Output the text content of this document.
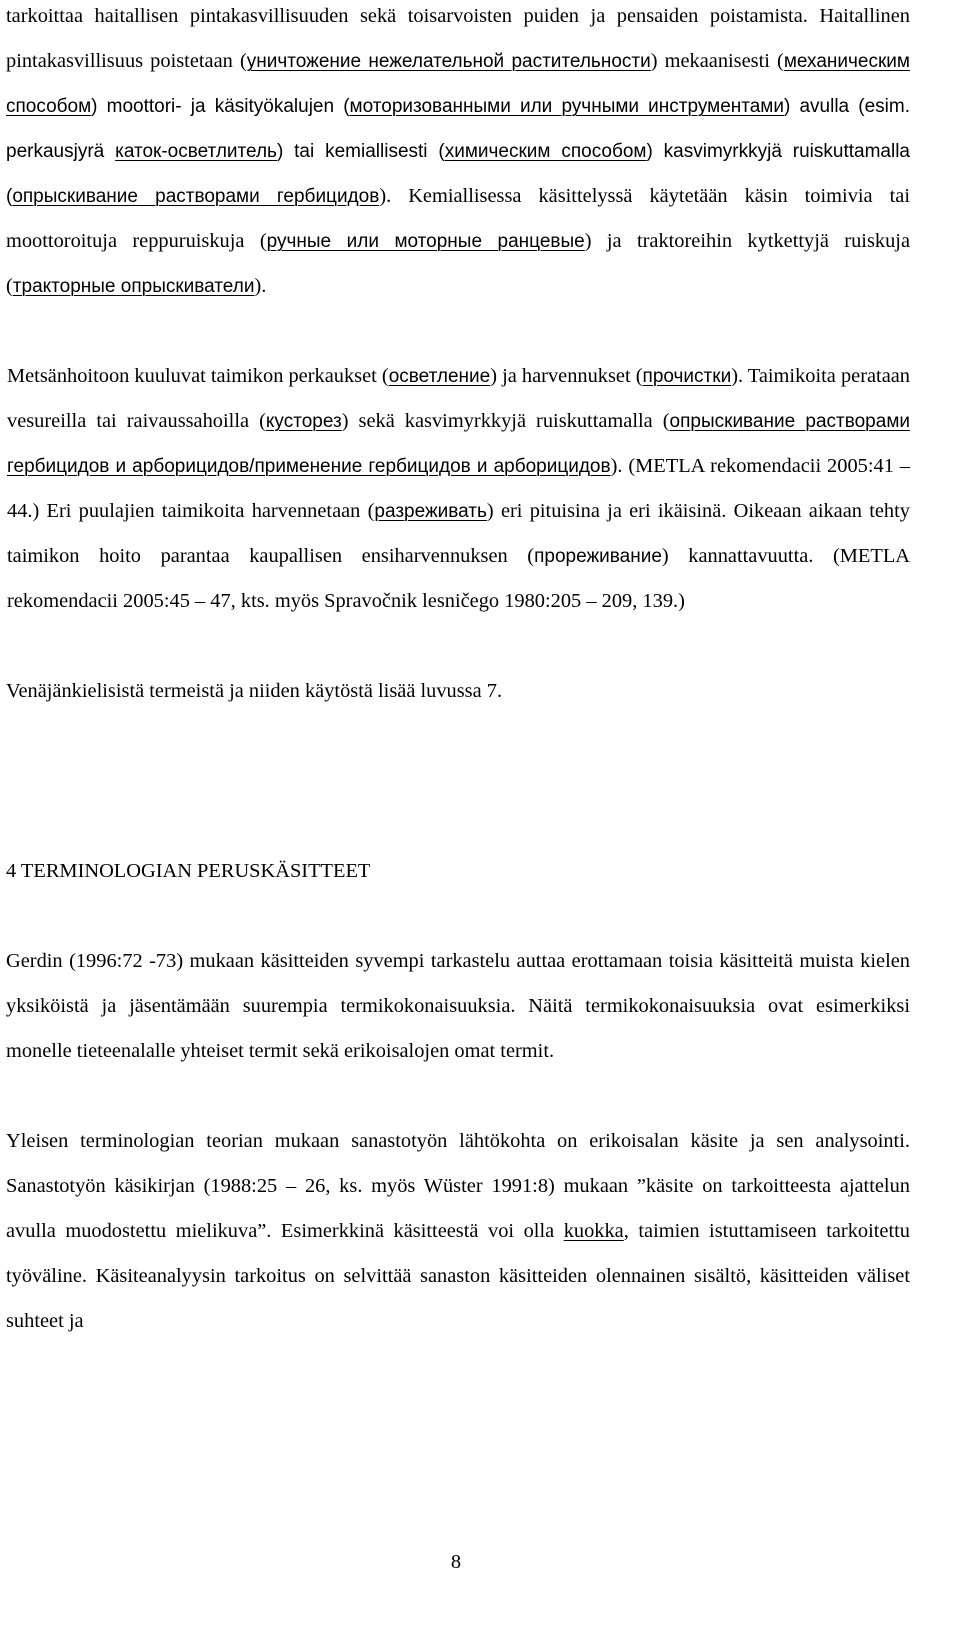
tarkoittaa haitallisen pintakasvillisuuden sekä toisarvoisten puiden ja pensaiden poistamista. Haitallinen pintakasvillisuus poistetaan (уничтожение нежелательной растительности) mekaanisesti (механическим способом) moottori- ja käsityökalujen (моторизованными или ручными инструментами) avulla (esim. perkausjyrä каток-осветлитель) tai kemiallisesti (химическим способом) kasvimyrkkyjä ruiskuttamalla (опрыскивание растворами гербицидов). Kemiallisessa käsittelyssä käytetään käsin toimivia tai moottoroituja reppuruiskuja (ручные или моторные ранцевые) ja traktoreihin kytkettyjä ruiskuja (тракторные опрыскиватели).

Metsänhoitoon kuuluvat taimikon perkaukset (осветление) ja harvennukset (прочистки). Taimikoita perataan vesureilla tai raivaussahoilla (кусторез) sekä kasvimyrkkyjä ruiskuttamalla (опрыскивание растворами гербицидов и арборицидов/применение гербицидов и арборицидов). (METLA rekomendacii 2005:41 – 44.) Eri puulajien taimikoita harvennetaan (разреживать) eri pituisina ja eri ikäisinä. Oikeaan aikaan tehty taimikon hoito parantaa kaupallisen ensiharvennuksen (прореживание) kannattavuutta. (METLA rekomendacii 2005:45 – 47, kts. myös Spravočnik lesničego 1980:205 – 209, 139.)

Venäjänkielisistä termeistä ja niiden käytöstä lisää luvussa 7.

4 TERMINOLOGIAN PERUSKÄSITTEET

Gerdin (1996:72 -73) mukaan käsitteiden syvempi tarkastelu auttaa erottamaan toisia käsitteitä muista kielen yksiköistä ja jäsentämään suurempia termikokonaisuuksia. Näitä termikokonaisuuksia ovat esimerkiksi monelle tieteenalalle yhteiset termit sekä erikoisalojen omat termit.

Yleisen terminologian teorian mukaan sanastotyön lähtökohta on erikoisalan käsite ja sen analysointi. Sanastotyön käsikirjan (1988:25 – 26, ks. myös Wüster 1991:8) mukaan ”käsite on tarkoitteesta ajattelun avulla muodostettu mielikuva”. Esimerkkinä käsitteestä voi olla kuokka, taimien istuttamiseen tarkoitettu työväline. Käsiteanalyysin tarkoitus on selvittää sanaston käsitteiden olennainen sisältö, käsitteiden väliset suhteet ja

8
